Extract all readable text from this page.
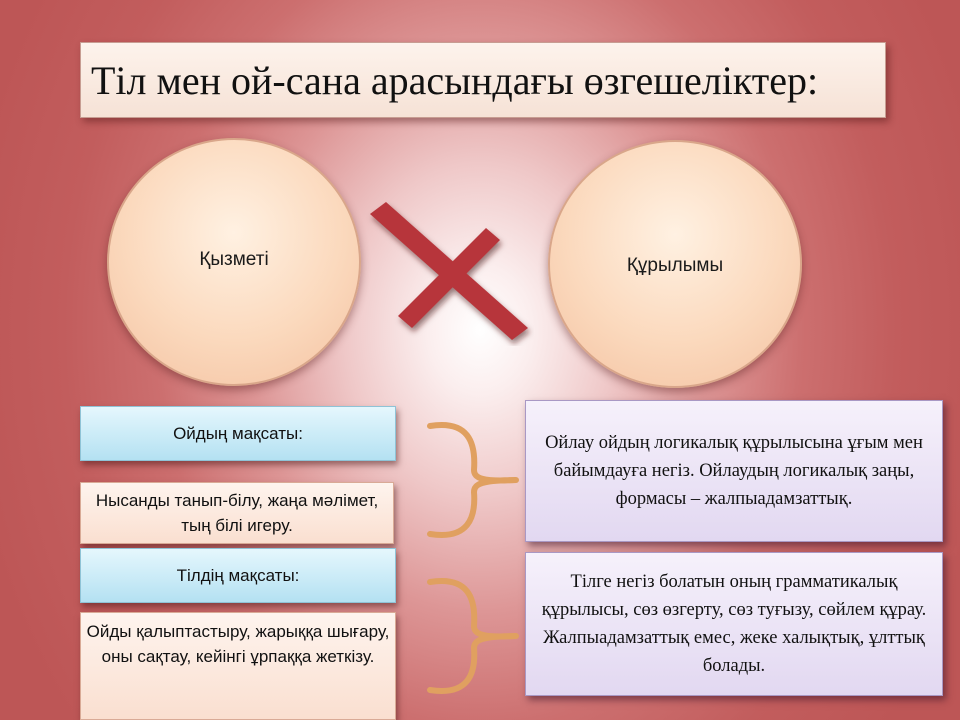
Тіл мен ой-сана арасындағы өзгешеліктер:
Қызметі	Құрылымы
Ойдың мақсаты:
Нысанды танып-білу, жаңа мәлімет, тың білі игеру.
Тілдің мақсаты:
Ойды қалыптастыру, жарыққа шығару, оны сақтау, кейінгі ұрпаққа жеткізу.
Ойлау ойдың логикалық құрылысына ұғым мен байымдауға негіз. Ойлаудың логикалық заңы, формасы – жалпыадамзаттық.
Тілге негіз болатын оның грамматикалық құрылысы, сөз өзгерту, сөз туғызу, сөйлем құрау. Жалпыадамзаттық емес, жеке халықтық, ұлттық болады.
